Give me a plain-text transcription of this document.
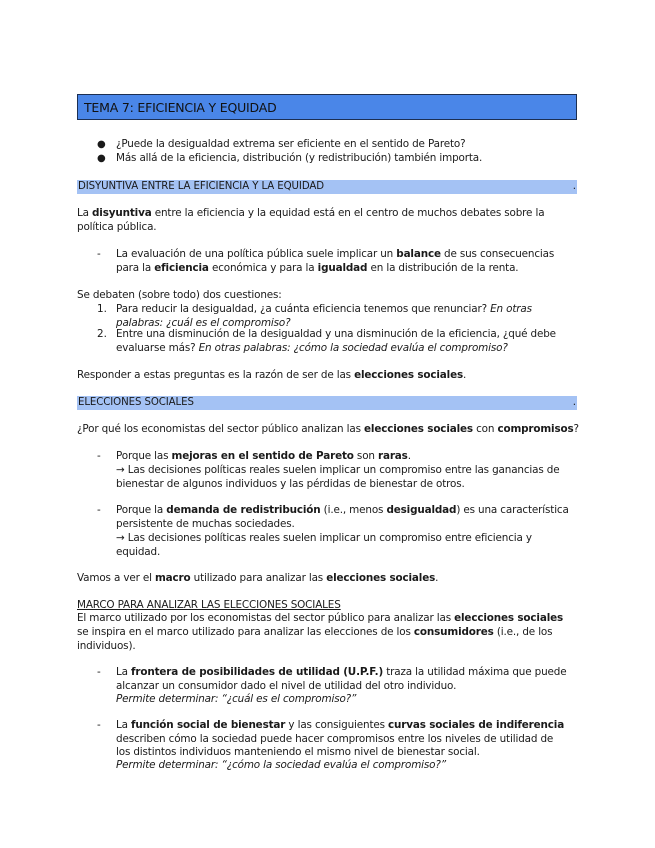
TEMA 7: EFICIENCIA Y EQUIDAD
● ¿Puede la desigualdad extrema ser eficiente en el sentido de Pareto?
● Más allá de la eficiencia, distribución (y redistribución) también importa.
DISYUNTIVA ENTRE LA EFICIENCIA Y LA EQUIDAD	.
La disyuntiva entre la eficiencia y la equidad está en el centro de muchos debates sobre la
política pública.
- La evaluación de una política pública suele implicar un balance de sus consecuencias
para la eficiencia económica y para la igualdad en la distribución de la renta.
Se debaten (sobre todo) dos cuestiones:
1. Para reducir la desigualdad, ¿a cuánta eficiencia tenemos que renunciar? En otras
palabras: ¿cuál es el compromiso?
2. Entre una disminución de la desigualdad y una disminución de la eficiencia, ¿qué debe
evaluarse más? En otras palabras: ¿cómo la sociedad evalúa el compromiso?
Responder a estas preguntas es la razón de ser de las elecciones sociales.
ELECCIONES SOCIALES	.
¿Por qué los economistas del sector público analizan las elecciones sociales con compromisos?
- Porque las mejoras en el sentido de Pareto son raras.
→ Las decisiones políticas reales suelen implicar un compromiso entre las ganancias de
bienestar de algunos individuos y las pérdidas de bienestar de otros.
- Porque la demanda de redistribución (i.e., menos desigualdad) es una característica
persistente de muchas sociedades.
→ Las decisiones políticas reales suelen implicar un compromiso entre eficiencia y
equidad.
Vamos a ver el macro utilizado para analizar las elecciones sociales.
MARCO PARA ANALIZAR LAS ELECCIONES SOCIALES
El marco utilizado por los economistas del sector público para analizar las elecciones sociales
se inspira en el marco utilizado para analizar las elecciones de los consumidores (i.e., de los
individuos).
- La frontera de posibilidades de utilidad (U.P.F.) traza la utilidad máxima que puede
alcanzar un consumidor dado el nivel de utilidad del otro individuo.
Permite determinar: “¿cuál es el compromiso?”
- La función social de bienestar y las consiguientes curvas sociales de indiferencia
describen cómo la sociedad puede hacer compromisos entre los niveles de utilidad de
los distintos individuos manteniendo el mismo nivel de bienestar social.
Permite determinar: “¿cómo la sociedad evalúa el compromiso?”
